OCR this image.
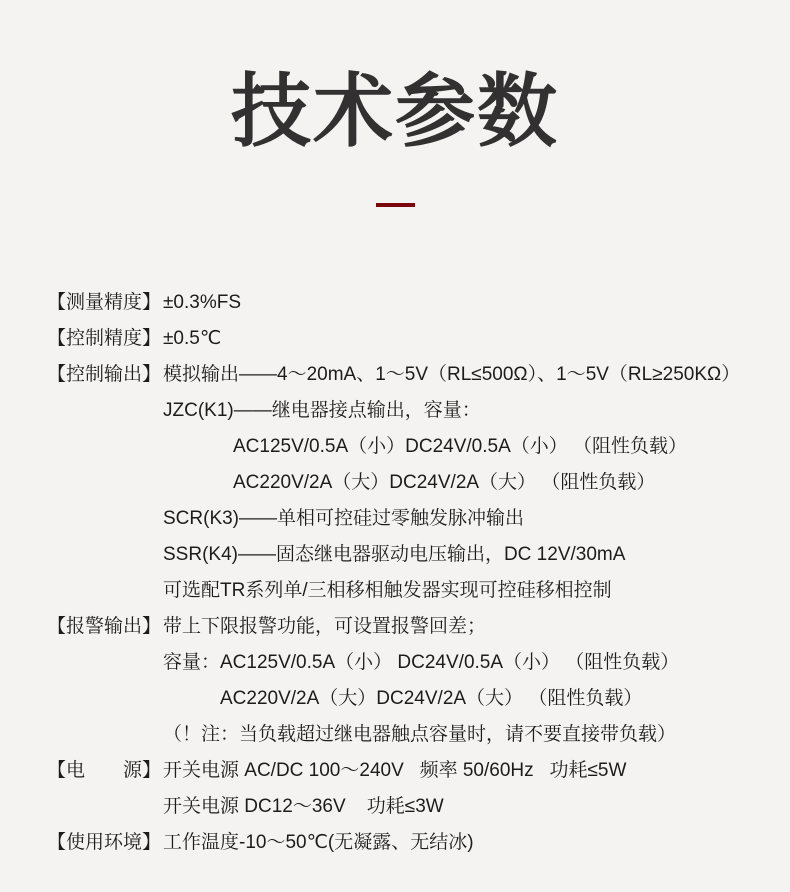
技术参数
【测量精度】 ±0.3%FS
【控制精度】 ±0.5℃
【控制输出】 模拟输出——4～20mA、1～5V（RL≤500Ω）、1～5V（RL≥250KΩ）
JZC(K1)——继电器接点输出，容量：
AC125V/0.5A（小）DC24V/0.5A（小） （阻性负载）
AC220V/2A（大）DC24V/2A（大） （阻性负载）
SCR(K3)——单相可控硅过零触发脉冲输出
SSR(K4)——固态继电器驱动电压输出，DC 12V/30mA
可选配TR系列单/三相移相触发器实现可控硅移相控制
【报警输出】 带上下限报警功能，可设置报警回差；
容量：AC125V/0.5A（小） DC24V/0.5A（小） （阻性负载）
AC220V/2A（大）DC24V/2A（大） （阻性负载）
（！注：当负载超过继电器触点容量时，请不要直接带负载）
【电　　源】 开关电源 AC/DC 100～240V   频率 50/60Hz   功耗≤5W
开关电源 DC12～36V    功耗≤3W
【使用环境】 工作温度-10～50℃(无凝露、无结冰)
